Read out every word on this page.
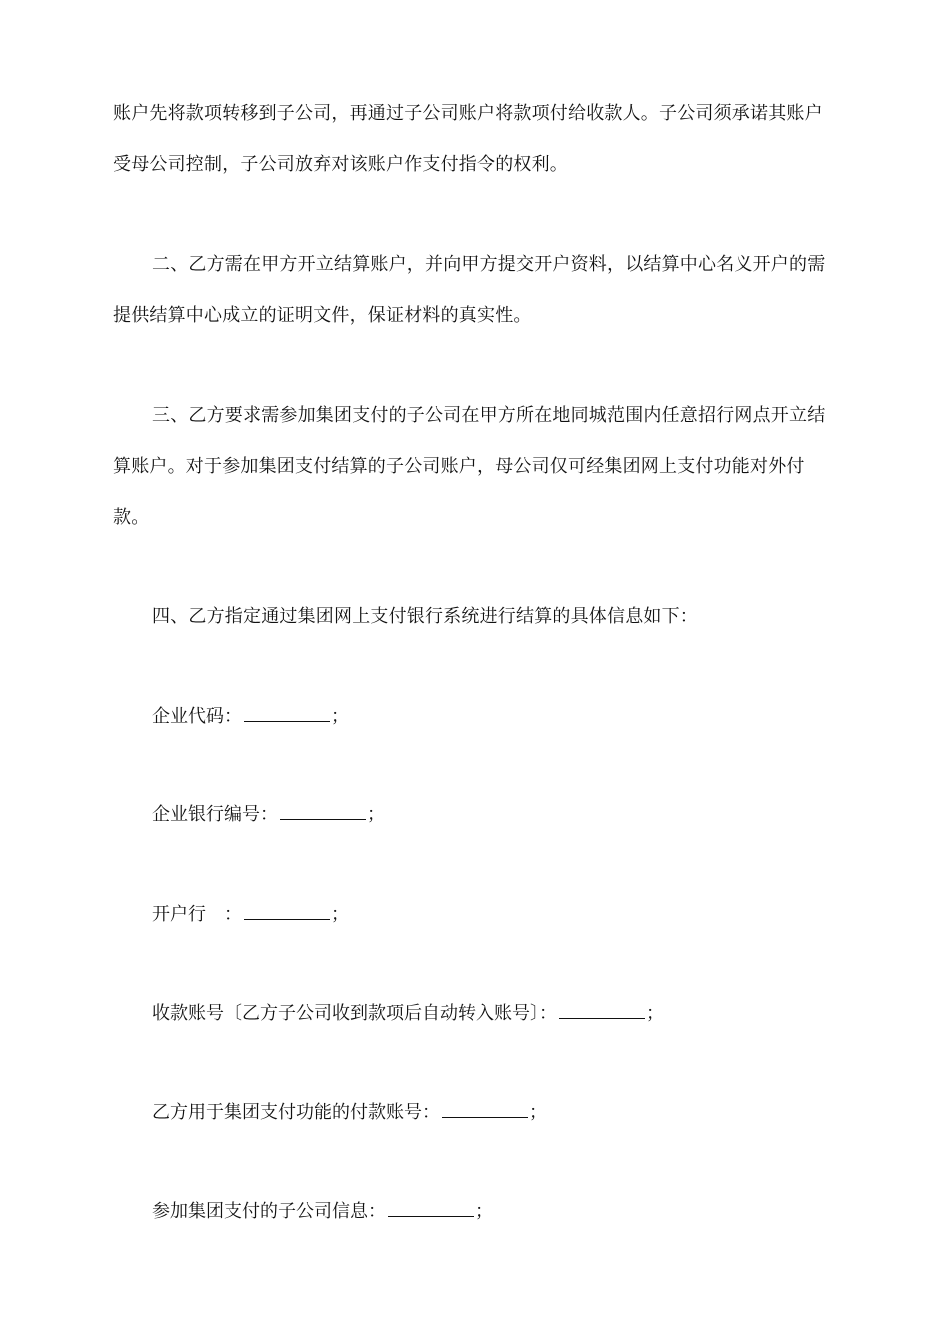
账户先将款项转移到子公司，再通过子公司账户将款项付给收款人。子公司须承诺其账户受母公司控制，子公司放弃对该账户作支付指令的权利。

二、乙方需在甲方开立结算账户，并向甲方提交开户资料，以结算中心名义开户的需提供结算中心成立的证明文件，保证材料的真实性。

三、乙方要求需参加集团支付的子公司在甲方所在地同城范围内任意招行网点开立结算账户。对于参加集团支付结算的子公司账户，母公司仅可经集团网上支付功能对外付款。

四、乙方指定通过集团网上支付银行系统进行结算的具体信息如下：

企业代码：	；

企业银行编号：	；

开户行　：	；

收款账号〔乙方子公司收到款项后自动转入账号〕：	；

乙方用于集团支付功能的付款账号：	；

参加集团支付的子公司信息：	；
